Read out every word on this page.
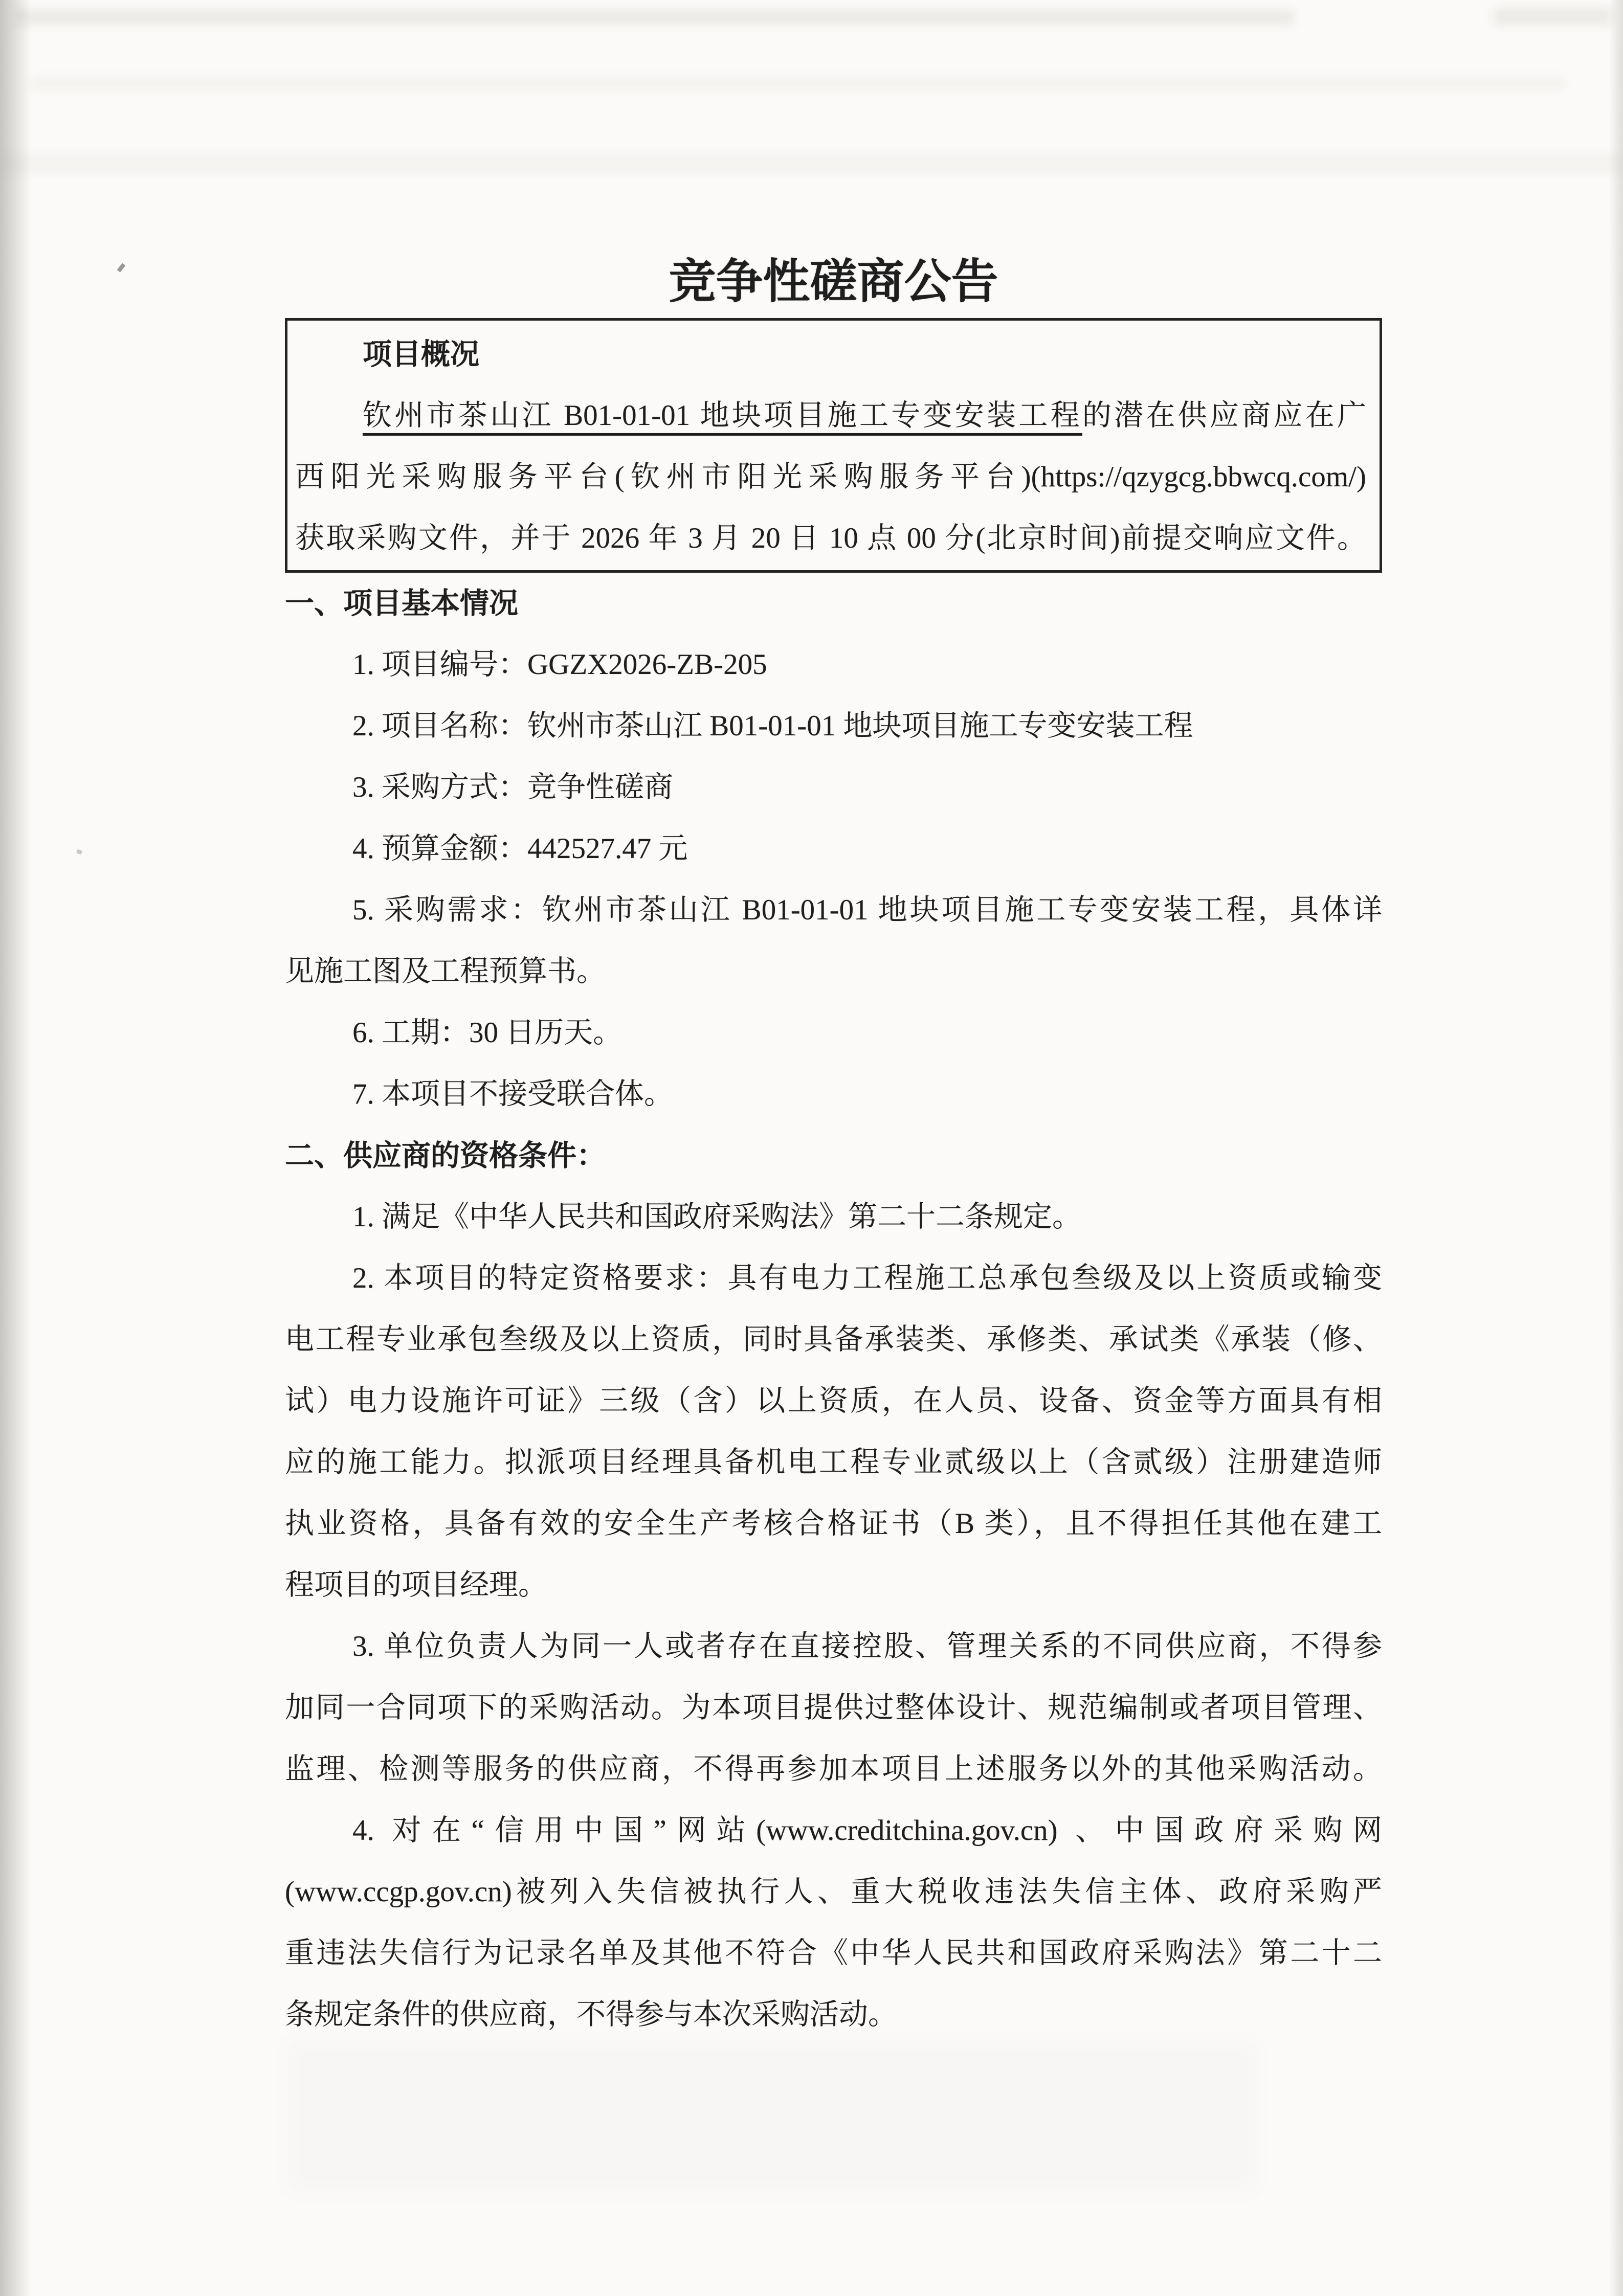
竞争性磋商公告
项目概况
钦州市茶山江 B01-01-01 地块项目施工专变安装工程的潜在供应商应在广
西阳光采购服务平台(钦州市阳光采购服务平台)(https://qzygcg.bbwcq.com/)
获取采购文件，并于 2026 年 3 月 20 日 10 点 00 分(北京时间)前提交响应文件。
一、项目基本情况
1. 项目编号：GGZX2026-ZB-205
2. 项目名称：钦州市茶山江 B01-01-01 地块项目施工专变安装工程
3. 采购方式：竞争性磋商
4. 预算金额：442527.47 元
5. 采购需求：钦州市茶山江 B01-01-01 地块项目施工专变安装工程，具体详
见施工图及工程预算书。
6. 工期：30 日历天。
7. 本项目不接受联合体。
二、供应商的资格条件：
1. 满足《中华人民共和国政府采购法》第二十二条规定。
2. 本项目的特定资格要求：具有电力工程施工总承包叁级及以上资质或输变
电工程专业承包叁级及以上资质，同时具备承装类、承修类、承试类《承装（修、
试）电力设施许可证》三级（含）以上资质，在人员、设备、资金等方面具有相
应的施工能力。拟派项目经理具备机电工程专业贰级以上（含贰级）注册建造师
执业资格，具备有效的安全生产考核合格证书（B 类），且不得担任其他在建工
程项目的项目经理。
3. 单位负责人为同一人或者存在直接控股、管理关系的不同供应商，不得参
加同一合同项下的采购活动。为本项目提供过整体设计、规范编制或者项目管理、
监理、检测等服务的供应商，不得再参加本项目上述服务以外的其他采购活动。
4. 对在“信用中国”网站(www.creditchina.gov.cn) 、中国政府采购网
(www.ccgp.gov.cn)被列入失信被执行人、重大税收违法失信主体、政府采购严
重违法失信行为记录名单及其他不符合《中华人民共和国政府采购法》第二十二
条规定条件的供应商，不得参与本次采购活动。
